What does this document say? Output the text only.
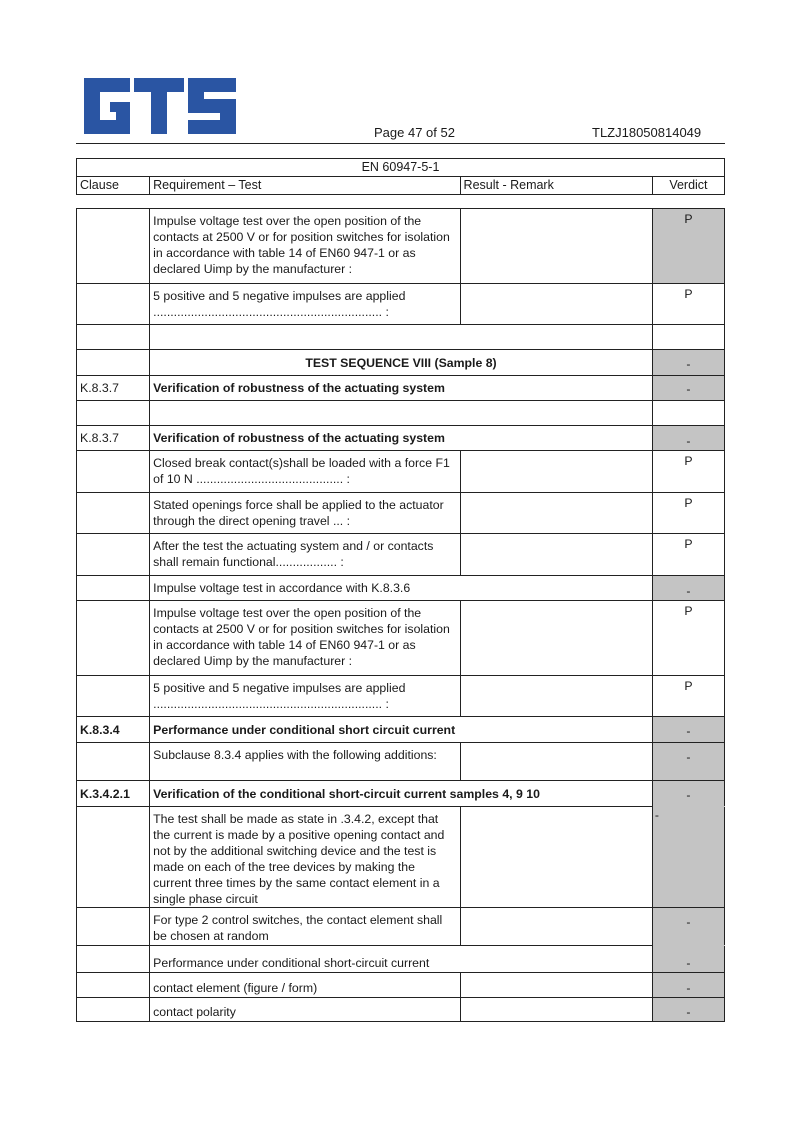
Page 47 of 52	TLZJ18050814049
EN 60947-5-1
Clause	Requirement – Test	Result - Remark	Verdict
	Impulse voltage test over the open position of the contacts at 2500 V or for position switches for isolation in accordance with table 14 of EN60 947-1 or as declared Uimp by the manufacturer :		P
	5 positive and 5 negative impulses are applied ................................................................... :		P

	TEST SEQUENCE VIII (Sample 8)		-
K.8.3.7	Verification of robustness of the actuating system		-

K.8.3.7	Verification of robustness of the actuating system		-
	Closed break contact(s)shall be loaded with a force F1 of 10 N ........................................... :		P
	Stated openings force shall be applied to the actuator through the direct opening travel ... :		P
	After the test the actuating system and / or contacts shall remain functional.................. :		P
	Impulse voltage test in accordance with K.8.3.6		-
	Impulse voltage test over the open position of the contacts at 2500 V or for position switches for isolation in accordance with table 14 of EN60 947-1 or as declared Uimp by the manufacturer :		P
	5 positive and 5 negative impulses are applied ................................................................... :		P
K.8.3.4	Performance under conditional short circuit current		-
	Subclause 8.3.4 applies with the following additions:		-
K.3.4.2.1	Verification of the conditional short-circuit current samples 4, 9 10		-
	The test shall be made as state in .3.4.2, except that the current is made by a positive opening contact and not by the additional switching device and the test is made on each of the tree devices by making the current three times by the same contact element in a single phase circuit		-
	For type 2 control switches, the contact element shall be chosen at random		-
	Performance under conditional short-circuit current		-
	contact element (figure / form)		-
	contact polarity		-
